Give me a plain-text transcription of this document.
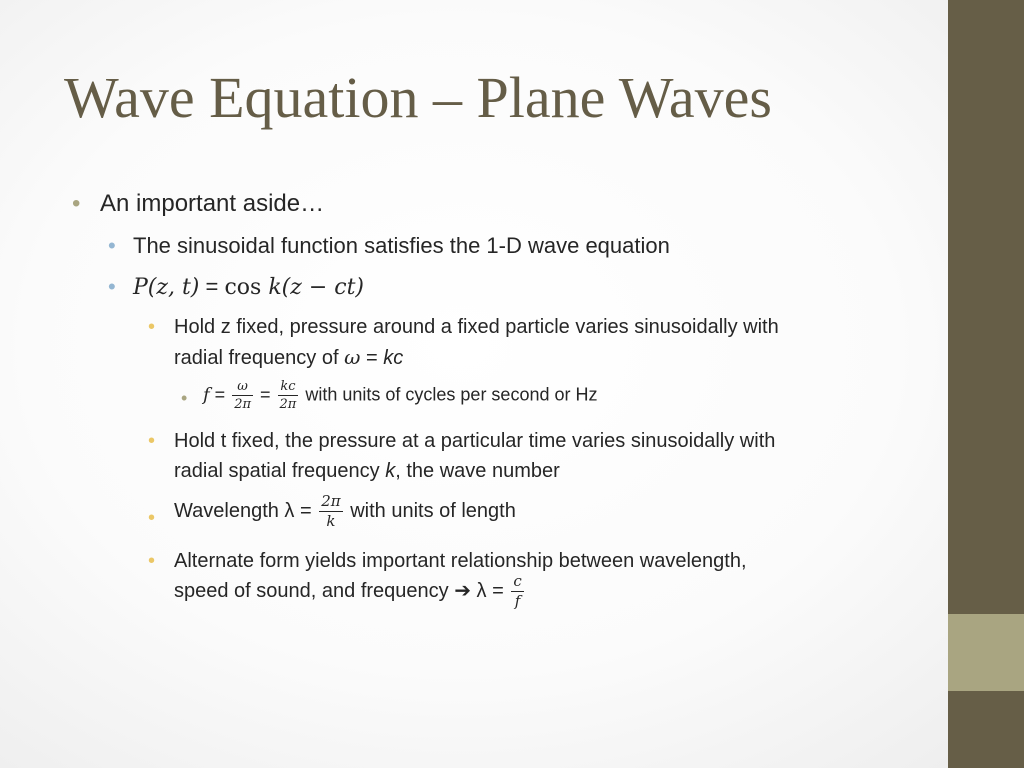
Wave Equation – Plane Waves
• An important aside…
• The sinusoidal function satisfies the 1-D wave equation
• P(z, t) = cos k(z − ct)
• Hold z fixed, pressure around a fixed particle varies sinusoidally with
radial frequency of ω = kc
• $f = \frac{\omega}{2\pi} = \frac{kc}{2\pi}$ with units of cycles per second or Hz
• Hold t fixed, the pressure at a particular time varies sinusoidally with
radial spatial frequency k, the wave number
• Wavelength $\lambda = \frac{2\pi}{k}$ with units of length
• Alternate form yields important relationship between wavelength,
speed of sound, and frequency ➔ $\lambda = \frac{c}{f}$
